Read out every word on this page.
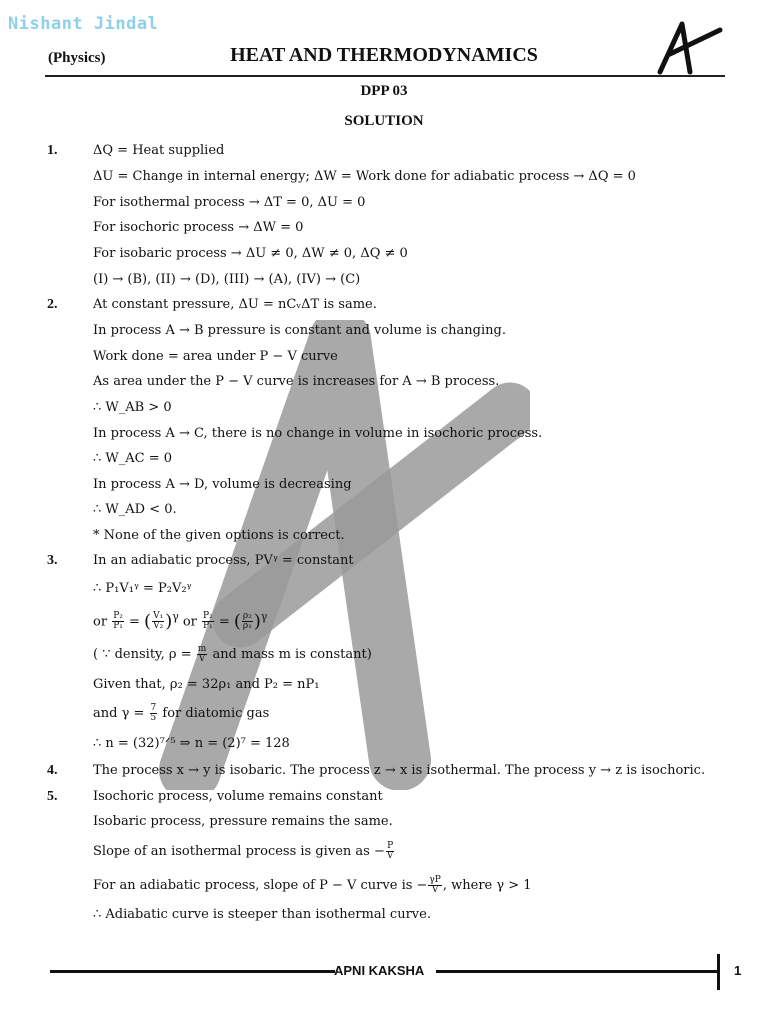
Nishant Jindal
(Physics)	HEAT AND THERMODYNAMICS
DPP 03
SOLUTION
1.	ΔQ = Heat supplied
ΔU = Change in internal energy; ΔW = Work done for adiabatic process → ΔQ = 0
For isothermal process → ΔT = 0, ΔU = 0
For isochoric process → ΔW = 0
For isobaric process → ΔU ≠ 0, ΔW ≠ 0, ΔQ ≠ 0
(I) → (B), (II) → (D), (III) → (A), (IV) → (C)
2.	At constant pressure, ΔU = nCᵥΔT is same.
In process A → B pressure is constant and volume is changing.
Work done = area under P − V curve
As area under the P − V curve is increases for A → B process.
∴ W_AB > 0
In process A → C, there is no change in volume in isochoric process.
∴ W_AC = 0
In process A → D, volume is decreasing
∴ W_AD < 0.
* None of the given options is correct.
3.	In an adiabatic process, PVᵞ = constant
∴ P₁V₁ᵞ = P₂V₂ᵞ
or $\frac{\text{P₂}}{\text{P₁}}$ = ( $\frac{\text{V₁}}{\text{V₂}} )^\gamma$ or $\frac{\text{P₂}}{\text{P₁}}$ = ( $\frac{\text{ρ₂}}{\text{ρ₁}} )^\gamma$
( ∵ density, $\rho = \frac{m}{V}$ and mass m is constant)
Given that, ρ₂ = 32ρ₁ and P₂ = nP₁
and $\gamma = \frac{7}{5}$ for diatomic gas
∴ n = (32)⁷ᐟ⁵ ⇒ n = (2)⁷ = 128
4.	The process x → y is isobaric. The process z → x is isothermal. The process y → z is isochoric.
5.	Isochoric process, volume remains constant
Isobaric process, pressure remains the same.
Slope of an isothermal process is given as − $\frac{P}{V}$
For an adiabatic process, slope of P − V curve is − $\frac{\gamma P}{V}$ , where γ > 1
∴ Adiabatic curve is steeper than isothermal curve.
APNI KAKSHA	1
